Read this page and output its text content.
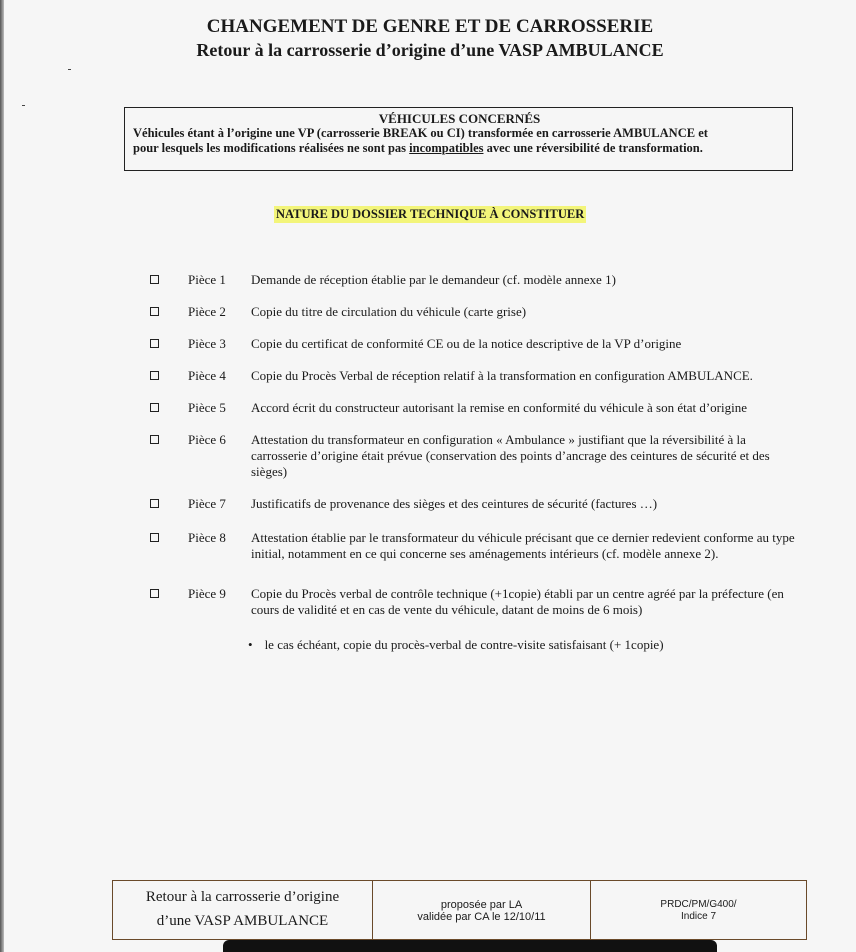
CHANGEMENT DE GENRE ET DE CARROSSERIE
Retour à la carrosserie d’origine d’une VASP AMBULANCE
VÉHICULES CONCERNÉS
Véhicules étant à l’origine une VP (carrosserie BREAK ou CI) transformée en carrosserie AMBULANCE et
pour lesquels les modifications réalisées ne sont pas incompatibles avec une réversibilité de transformation.
NATURE DU DOSSIER TECHNIQUE À CONSTITUER
Pièce 1 Demande de réception établie par le demandeur (cf. modèle annexe 1)
Pièce 2 Copie du titre de circulation du véhicule (carte grise)
Pièce 3 Copie du certificat de conformité CE ou de la notice descriptive de la VP d’origine
Pièce 4 Copie du Procès Verbal de réception relatif à la transformation en configuration AMBULANCE.
Pièce 5 Accord écrit du constructeur autorisant la remise en conformité du véhicule à son état d’origine
Pièce 6 Attestation du transformateur en configuration « Ambulance » justifiant que la réversibilité à la carrosserie d’origine était prévue (conservation des points d’ancrage des ceintures de sécurité et des sièges)
Pièce 7 Justificatifs de provenance des sièges et des ceintures de sécurité (factures …)
Pièce 8 Attestation établie par le transformateur du véhicule précisant que ce dernier redevient conforme au type initial, notamment en ce qui concerne ses aménagements intérieurs (cf. modèle annexe 2).
Pièce 9 Copie du Procès verbal de contrôle technique (+1copie) établi par un centre agréé par la préfecture (en cours de validité et en cas de vente du véhicule, datant de moins de 6 mois)
• le cas échéant, copie du procès-verbal de contre-visite satisfaisant (+ 1copie)
Retour à la carrosserie d’origine
d’une VASP AMBULANCE
proposée par LA
validée par CA le 12/10/11
PRDC/PM/G400/
Indice 7
